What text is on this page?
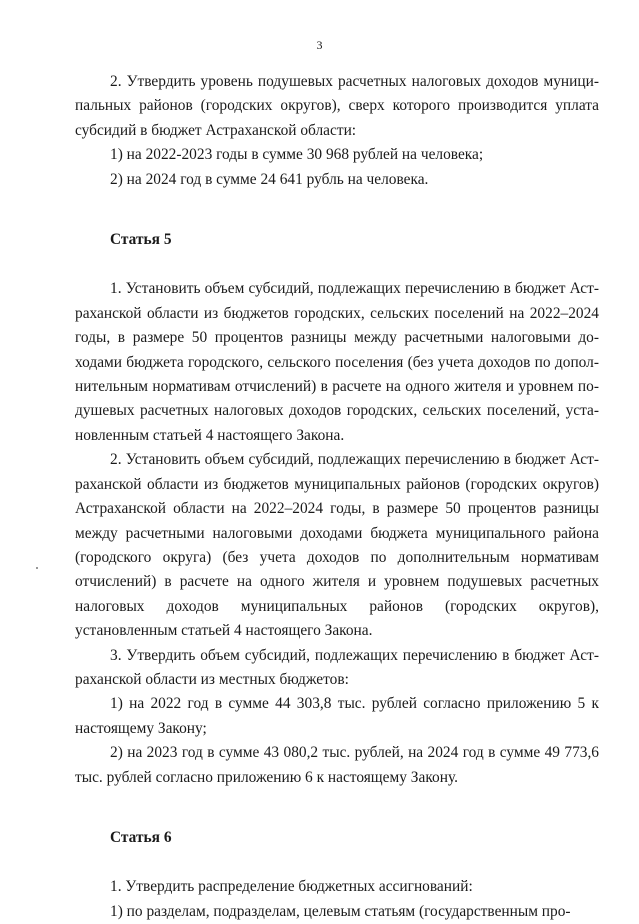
3

2. Утвердить уровень подушевых расчетных налоговых доходов муниципальных районов (городских округов), сверх которого производится уплата субсидий в бюджет Астраханской области:

1) на 2022-2023 годы в сумме 30 968 рублей на человека;

2) на 2024 год в сумме 24 641 рубль на человека.

Статья 5

1. Установить объем субсидий, подлежащих перечислению в бюджет Астраханской области из бюджетов городских, сельских поселений на 2022–2024 годы, в размере 50 процентов разницы между расчетными налоговыми доходами бюджета городского, сельского поселения (без учета доходов по дополнительным нормативам отчислений) в расчете на одного жителя и уровнем подушевых расчетных налоговых доходов городских, сельских поселений, установленным статьей 4 настоящего Закона.

2. Установить объем субсидий, подлежащих перечислению в бюджет Астраханской области из бюджетов муниципальных районов (городских округов) Астраханской области на 2022–2024 годы, в размере 50 процентов разницы между расчетными налоговыми доходами бюджета муниципального района (городского округа) (без учета доходов по дополнительным нормативам отчислений) в расчете на одного жителя и уровнем подушевых расчетных налоговых доходов муниципальных районов (городских округов), установленным статьей 4 настоящего Закона.

3. Утвердить объем субсидий, подлежащих перечислению в бюджет Астраханской области из местных бюджетов:

1) на 2022 год в сумме 44 303,8 тыс. рублей согласно приложению 5 к настоящему Закону;

2) на 2023 год в сумме 43 080,2 тыс. рублей, на 2024 год в сумме 49 773,6 тыс. рублей согласно приложению 6 к настоящему Закону.

Статья 6

1. Утвердить распределение бюджетных ассигнований:

1) по разделам, подразделам, целевым статьям (государственным про-
